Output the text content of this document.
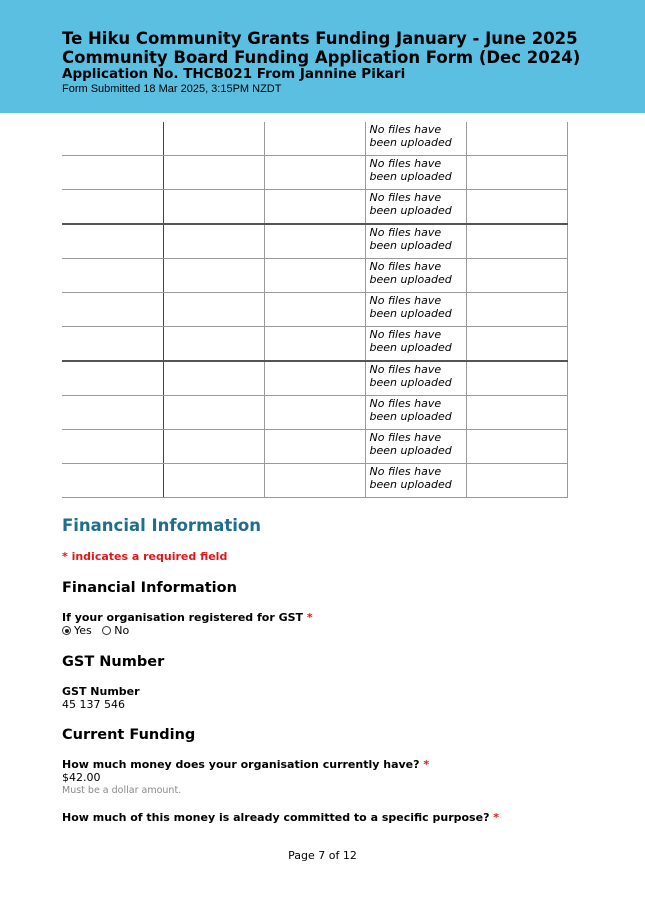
Te Hiku Community Grants Funding January - June 2025
Community Board Funding Application Form (Dec 2024)
Application No. THCB021 From Jannine Pikari
Form Submitted 18 Mar 2025, 3:15PM NZDT
			No files have
been uploaded	
			No files have
been uploaded	
			No files have
been uploaded	
			No files have
been uploaded	
			No files have
been uploaded	
			No files have
been uploaded	
			No files have
been uploaded	
			No files have
been uploaded	
			No files have
been uploaded	
			No files have
been uploaded	
			No files have
been uploaded	
Financial Information
* indicates a required field
Financial Information
If your organisation registered for GST *
Yes No
GST Number
GST Number
45 137 546
Current Funding
How much money does your organisation currently have? *
$42.00
Must be a dollar amount.
How much of this money is already committed to a specific purpose? *
Page 7 of 12
